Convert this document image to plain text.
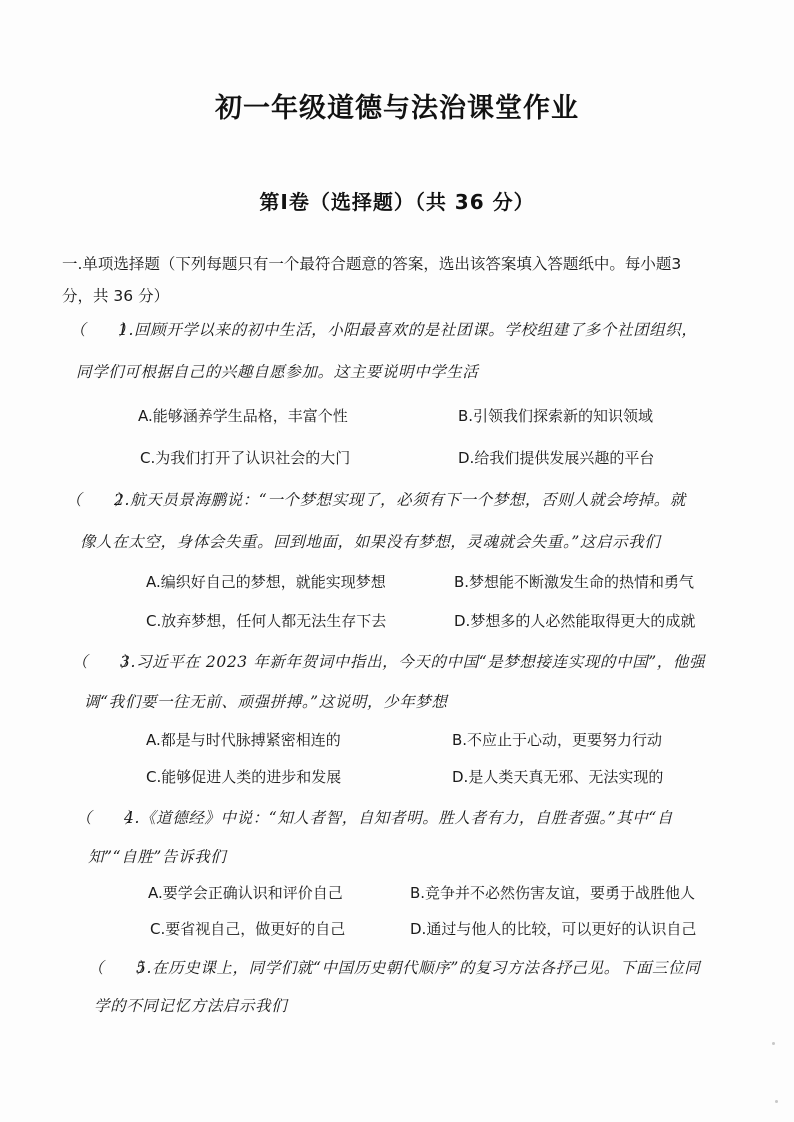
初一年级道德与法治课堂作业
第Ⅰ卷（选择题）（共 36 分）
一.单项选择题（下列每题只有一个最符合题意的答案，选出该答案填入答题纸中。每小题3
分，共 36 分）
（　　）1.回顾开学以来的初中生活，小阳最喜欢的是社团课。学校组建了多个社团组织，
同学们可根据自己的兴趣自愿参加。这主要说明中学生活
A.能够涵养学生品格，丰富个性	B.引领我们探索新的知识领域
C.为我们打开了认识社会的大门	D.给我们提供发展兴趣的平台
（　　）2.航天员景海鹏说：“一个梦想实现了，必须有下一个梦想，否则人就会垮掉。就
像人在太空，身体会失重。回到地面，如果没有梦想，灵魂就会失重。”这启示我们
A.编织好自己的梦想，就能实现梦想	B.梦想能不断激发生命的热情和勇气
C.放弃梦想，任何人都无法生存下去	D.梦想多的人必然能取得更大的成就
（　　）3.习近平在 2023 年新年贺词中指出，今天的中国“是梦想接连实现的中国”，他强
调“我们要一往无前、顽强拼搏。”这说明，少年梦想
A.都是与时代脉搏紧密相连的	B.不应止于心动，更要努力行动
C.能够促进人类的进步和发展	D.是人类天真无邪、无法实现的
（　　）4.《道德经》中说：“知人者智，自知者明。胜人者有力，自胜者强。”其中“自
知”“自胜”告诉我们
A.要学会正确认识和评价自己	B.竞争并不必然伤害友谊，要勇于战胜他人
C.要省视自己，做更好的自己	D.通过与他人的比较，可以更好的认识自己
（　　）5.在历史课上，同学们就“中国历史朝代顺序”的复习方法各抒己见。下面三位同
学的不同记忆方法启示我们
